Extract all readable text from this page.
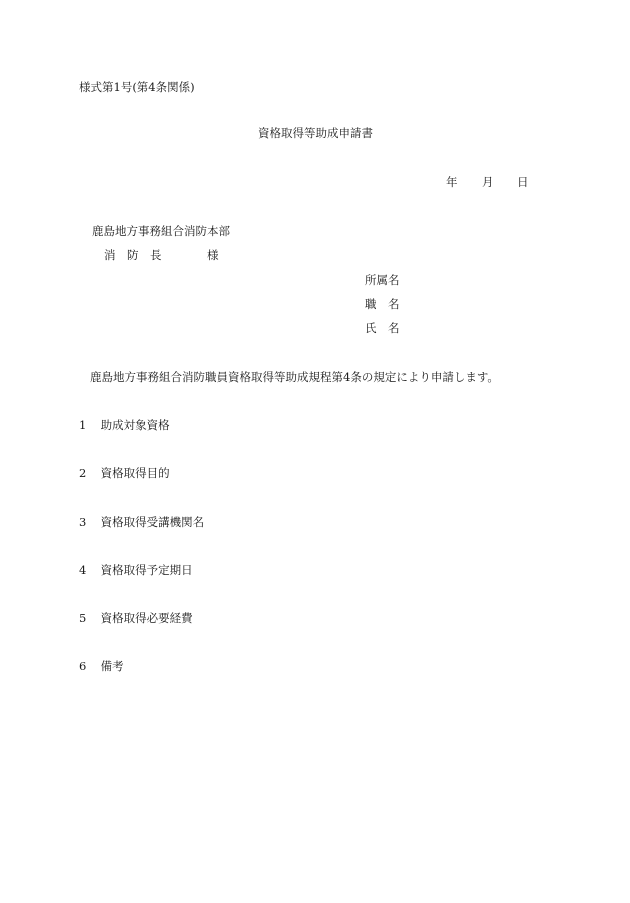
様式第1号(第4条関係)
資格取得等助成申請書
年 月 日
鹿島地方事務組合消防本部
消　防　長	様
所属名
職　名
氏　名
鹿島地方事務組合消防職員資格取得等助成規程第4条の規定により申請します。
1 助成対象資格
2 資格取得目的
3 資格取得受講機関名
4 資格取得予定期日
5 資格取得必要経費
6 備考
